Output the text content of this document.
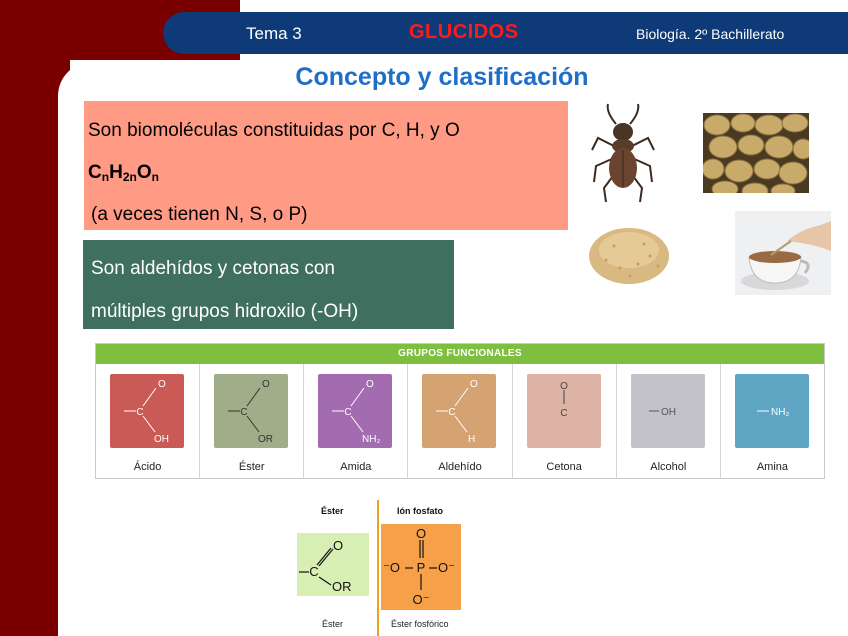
Tema 3	GLUCIDOS	Biología. 2º Bachillerato
Concepto y clasificación
Son biomoléculas constituidas por C, H, y O
$C_nH_{2n}O_n$
(a veces tienen N, S, o P)
Son aldehídos y cetonas con
múltiples grupos hidroxilo (-OH)
GRUPOS FUNCIONALES
C
O
OH
Ácido
C
O
OR
Éster
C
O
NH₂
Amida
C
O
H
Aldehído
O
C
Cetona
OH
Alcohol
NH₂
Amina
Éster	Ión fosfato
C
O
OR
O
⁻O P O⁻
O⁻
Éster	Éster fosfórico
